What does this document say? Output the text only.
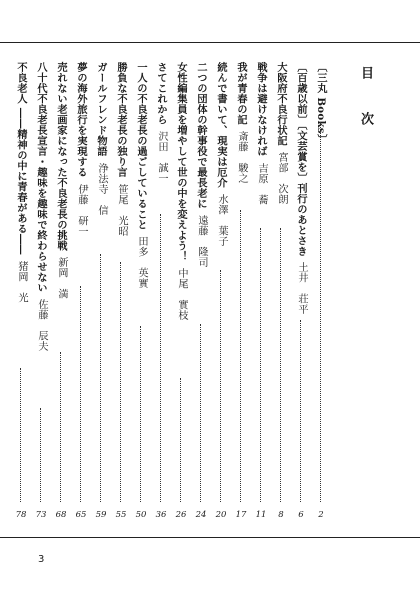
目　次
〔三丸 Books〕
2
〔百歳以前〕〔文芸賞を〕刊行のあとさき土井　荘平
6
大阪府不良行状記宮部　次朗
8
戦争は避けなければ吉原　蕎
11
我が青春の記斎藤　駿之
17
続んで書いて、現実は厄介水澤　葉子
20
二つの団体の幹事役で最長老に遠藤　隆司
24
女性編集員を増やして世の中を変えよう！中尾　實枝
26
さてこれから沢田　誠一
36
一人の不良老長の過ごしていること田多　英實
50
勝負な不良老長の独り言笹尾　光昭
55
ガールフレンド物語浄法寺　信
59
夢の海外旅行を実現する伊藤　研一
65
売れない老画家になった不良老長の挑戦新岡　満
68
八十代不良老長宣言・趣味を趣味で終わらせない佐藤　辰夫
73
不良老人 ――精神の中に青春がある――猪岡　光
78
3
